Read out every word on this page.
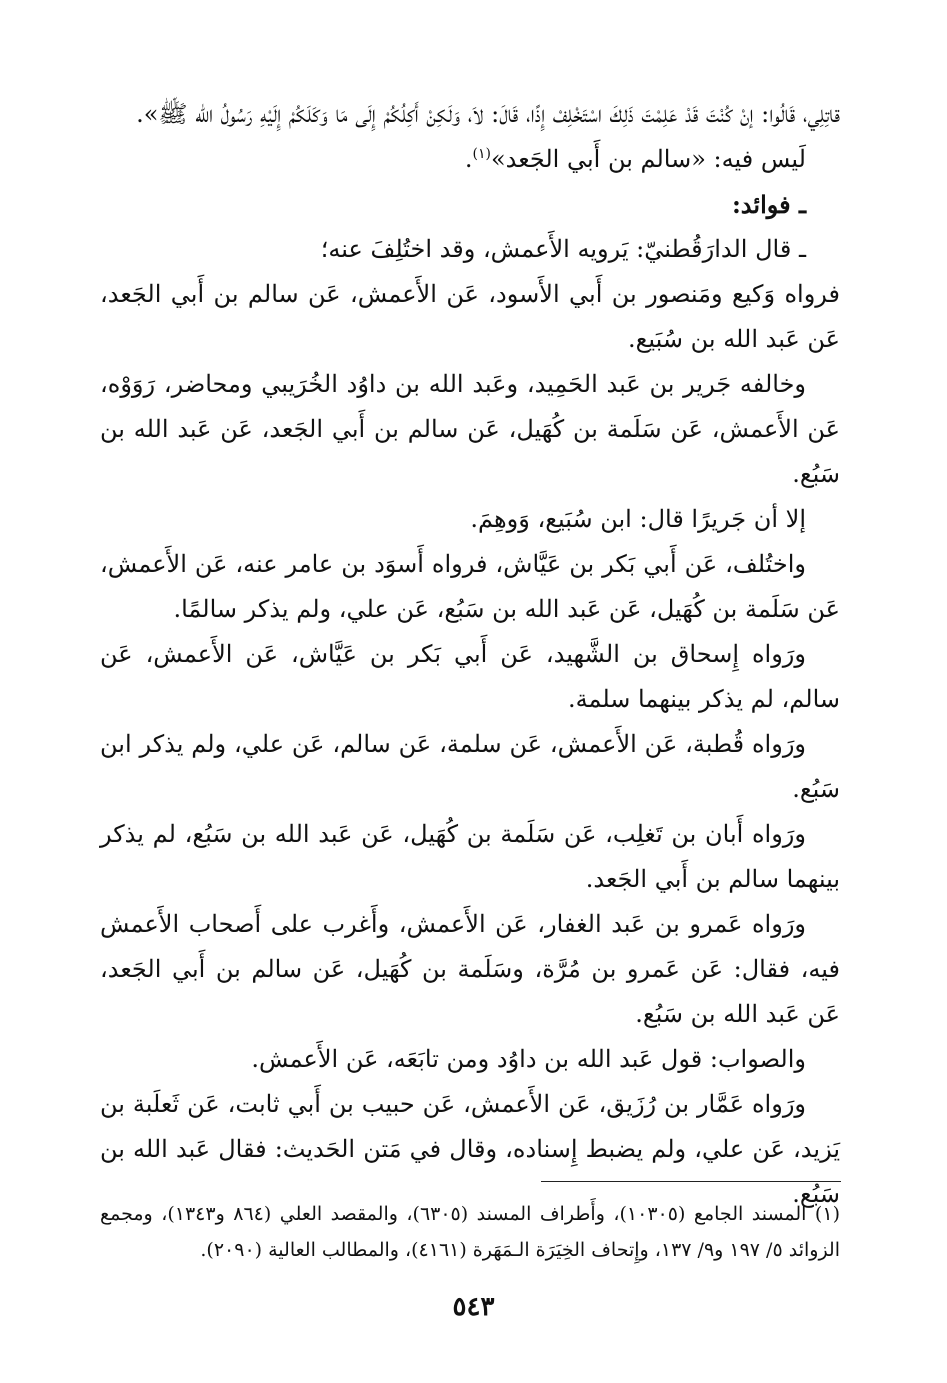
قاتِلِي، قَالُوا: إنْ كُنْتَ قَدْ عَلِمْتَ ذَلِكَ اسْتَخْلِفْ إِذًا، قَالَ: لاَ، وَلَكِنْ أَكِلُكُمْ إِلَى مَا وَكَلَكُمْ إِلَيْهِ رَسُولُ الله ﷺ».

لَيس فيه: «سالم بن أَبي الجَعد»$^{(١)}$.

ـ فوائد:

ـ قال الدارَقُطنيّ: يَرويه الأَعمش، وقد اختُلِفَ عنه؛

فرواه وَكيع ومَنصور بن أَبي الأَسود، عَن الأَعمش، عَن سالم بن أَبي الجَعد، عَن عَبد الله بن سُبَيع.

وخالفه جَرير بن عَبد الحَمِيد، وعَبد الله بن داوُد الخُرَيبي ومحاضر، رَوَوْه، عَن الأَعمش، عَن سَلَمة بن كُهَيل، عَن سالم بن أَبي الجَعد، عَن عَبد الله بن سَبُع.

إلا أن جَريرًا قال: ابن سُبَيع، وَوهِمَ.

واختُلف، عَن أَبي بَكر بن عَيَّاش، فرواه أَسوَد بن عامر عنه، عَن الأَعمش، عَن سَلَمة بن كُهَيل، عَن عَبد الله بن سَبُع، عَن علي، ولم يذكر سالمًا.

ورَواه إِسحاق بن الشَّهيد، عَن أَبي بَكر بن عَيَّاش، عَن الأَعمش، عَن سالم، لم يذكر بينهما سلمة.

ورَواه قُطبة، عَن الأَعمش، عَن سلمة، عَن سالم، عَن علي، ولم يذكر ابن سَبُع.

ورَواه أَبان بن تَغلِب، عَن سَلَمة بن كُهَيل، عَن عَبد الله بن سَبُع، لم يذكر بينهما سالم بن أَبي الجَعد.

ورَواه عَمرو بن عَبد الغفار، عَن الأَعمش، وأَغرب على أَصحاب الأَعمش فيه، فقال: عَن عَمرو بن مُرَّة، وسَلَمة بن كُهَيل، عَن سالم بن أَبي الجَعد، عَن عَبد الله بن سَبُع.

والصواب: قول عَبد الله بن داوُد ومن تابَعَه، عَن الأَعمش.

ورَواه عَمَّار بن رُزَيق، عَن الأَعمش، عَن حبيب بن أَبي ثابت، عَن ثَعلَبة بن يَزيد، عَن علي، ولم يضبط إِسناده، وقال في مَتن الحَديث: فقال عَبد الله بن سَبُع.

(١) المسند الجامع (١٠٣٠٥)، وأَطراف المسند (٦٣٠٥)، والمقصد العلي (٨٦٤ و١٣٤٣)، ومجمع الزوائد ٥/ ١٩٧ و٩/ ١٣٧، وإِتحاف الخِيَرَة الـمَهَرة (٤١٦١)، والمطالب العالية (٢٠٩٠).

٥٤٣
